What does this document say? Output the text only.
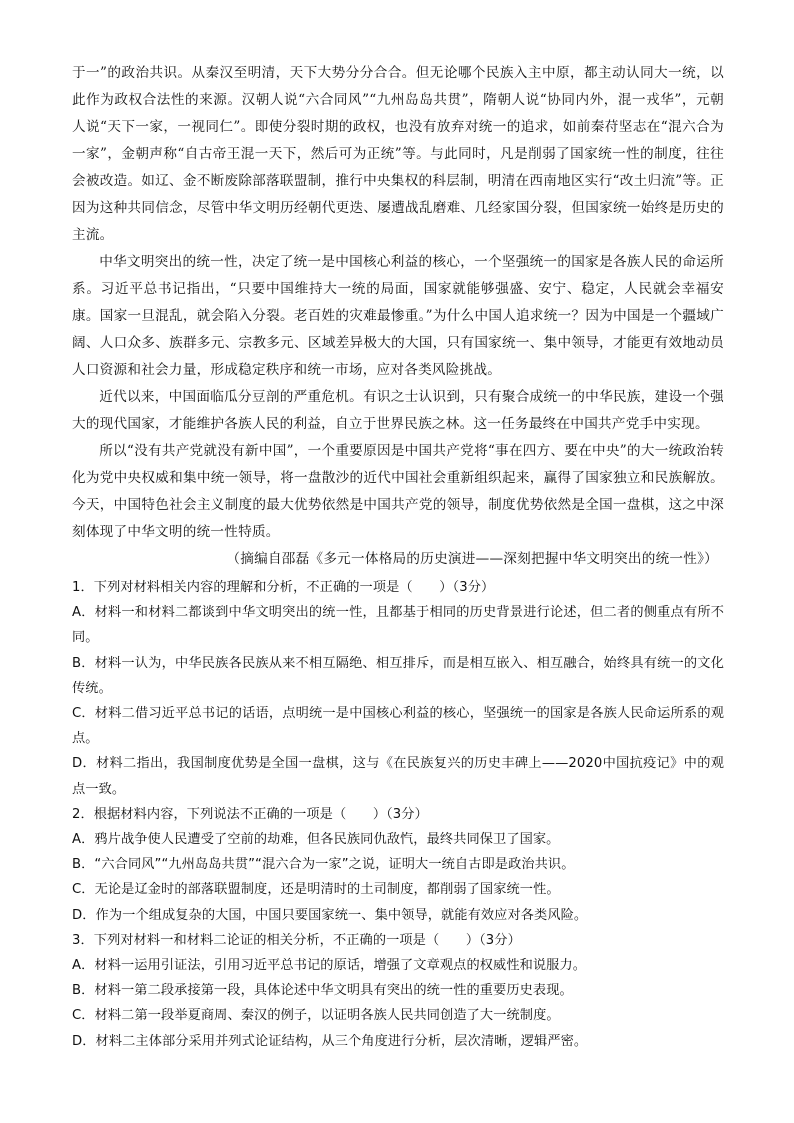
于一”的政治共识。从秦汉至明清，天下大势分分合合。但无论哪个民族入主中原，都主动认同大一统，以此作为政权合法性的来源。汉朝人说“六合同风”“九州岛岛共贯”，隋朝人说“协同内外，混一戎华”，元朝人说“天下一家，一视同仁”。即使分裂时期的政权，也没有放弃对统一的追求，如前秦苻坚志在“混六合为一家”，金朝声称“自古帝王混一天下，然后可为正统”等。与此同时，凡是削弱了国家统一性的制度，往往会被改造。如辽、金不断废除部落联盟制，推行中央集权的科层制，明清在西南地区实行“改土归流”等。正因为这种共同信念，尽管中华文明历经朝代更迭、屡遭战乱磨难、几经家国分裂，但国家统一始终是历史的主流。

中华文明突出的统一性，决定了统一是中国核心利益的核心，一个坚强统一的国家是各族人民的命运所系。习近平总书记指出，“只要中国维持大一统的局面，国家就能够强盛、安宁、稳定，人民就会幸福安康。国家一旦混乱，就会陷入分裂。老百姓的灾难最惨重。”为什么中国人追求统一？因为中国是一个疆域广阔、人口众多、族群多元、宗教多元、区域差异极大的大国，只有国家统一、集中领导，才能更有效地动员人口资源和社会力量，形成稳定秩序和统一市场，应对各类风险挑战。

近代以来，中国面临瓜分豆剖的严重危机。有识之士认识到，只有聚合成统一的中华民族，建设一个强大的现代国家，才能维护各族人民的利益，自立于世界民族之林。这一任务最终在中国共产党手中实现。

所以“没有共产党就没有新中国”，一个重要原因是中国共产党将“事在四方、要在中央”的大一统政治转化为党中央权威和集中统一领导，将一盘散沙的近代中国社会重新组织起来，赢得了国家独立和民族解放。今天，中国特色社会主义制度的最大优势依然是中国共产党的领导，制度优势依然是全国一盘棋，这之中深刻体现了中华文明的统一性特质。

（摘编自邵磊《多元一体格局的历史演进——深刻把握中华文明突出的统一性》）

1．下列对材料相关内容的理解和分析，不正确的一项是（　　）（3分）

A．材料一和材料二都谈到中华文明突出的统一性，且都基于相同的历史背景进行论述，但二者的侧重点有所不同。

B．材料一认为，中华民族各民族从来不相互隔绝、相互排斥，而是相互嵌入、相互融合，始终具有统一的文化传统。

C．材料二借习近平总书记的话语，点明统一是中国核心利益的核心，坚强统一的国家是各族人民命运所系的观点。

D．材料二指出，我国制度优势是全国一盘棋，这与《在民族复兴的历史丰碑上——2020中国抗疫记》中的观点一致。

2．根据材料内容，下列说法不正确的一项是（　　）（3分）

A．鸦片战争使人民遭受了空前的劫难，但各民族同仇敌忾，最终共同保卫了国家。

B．“六合同风”“九州岛岛共贯”“混六合为一家”之说，证明大一统自古即是政治共识。

C．无论是辽金时的部落联盟制度，还是明清时的土司制度，都削弱了国家统一性。

D．作为一个组成复杂的大国，中国只要国家统一、集中领导，就能有效应对各类风险。

3．下列对材料一和材料二论证的相关分析，不正确的一项是（　　）（3分）

A．材料一运用引证法，引用习近平总书记的原话，增强了文章观点的权威性和说服力。

B．材料一第二段承接第一段，具体论述中华文明具有突出的统一性的重要历史表现。

C．材料二第一段举夏商周、秦汉的例子，以证明各族人民共同创造了大一统制度。

D．材料二主体部分采用并列式论证结构，从三个角度进行分析，层次清晰，逻辑严密。
